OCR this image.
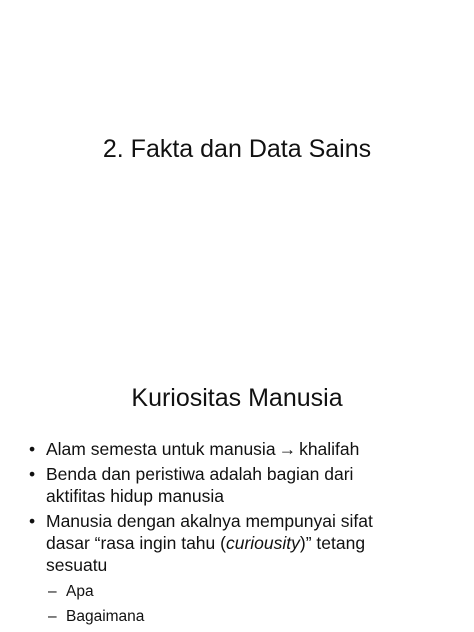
2. Fakta dan Data Sains
Kuriositas Manusia
• Alam semesta untuk manusia → khalifah
• Benda dan peristiwa adalah bagian dari
aktifitas hidup manusia
• Manusia dengan akalnya mempunyai sifat
dasar “rasa ingin tahu (curiousity)” tetang
sesuatu
– Apa
– Bagaimana
